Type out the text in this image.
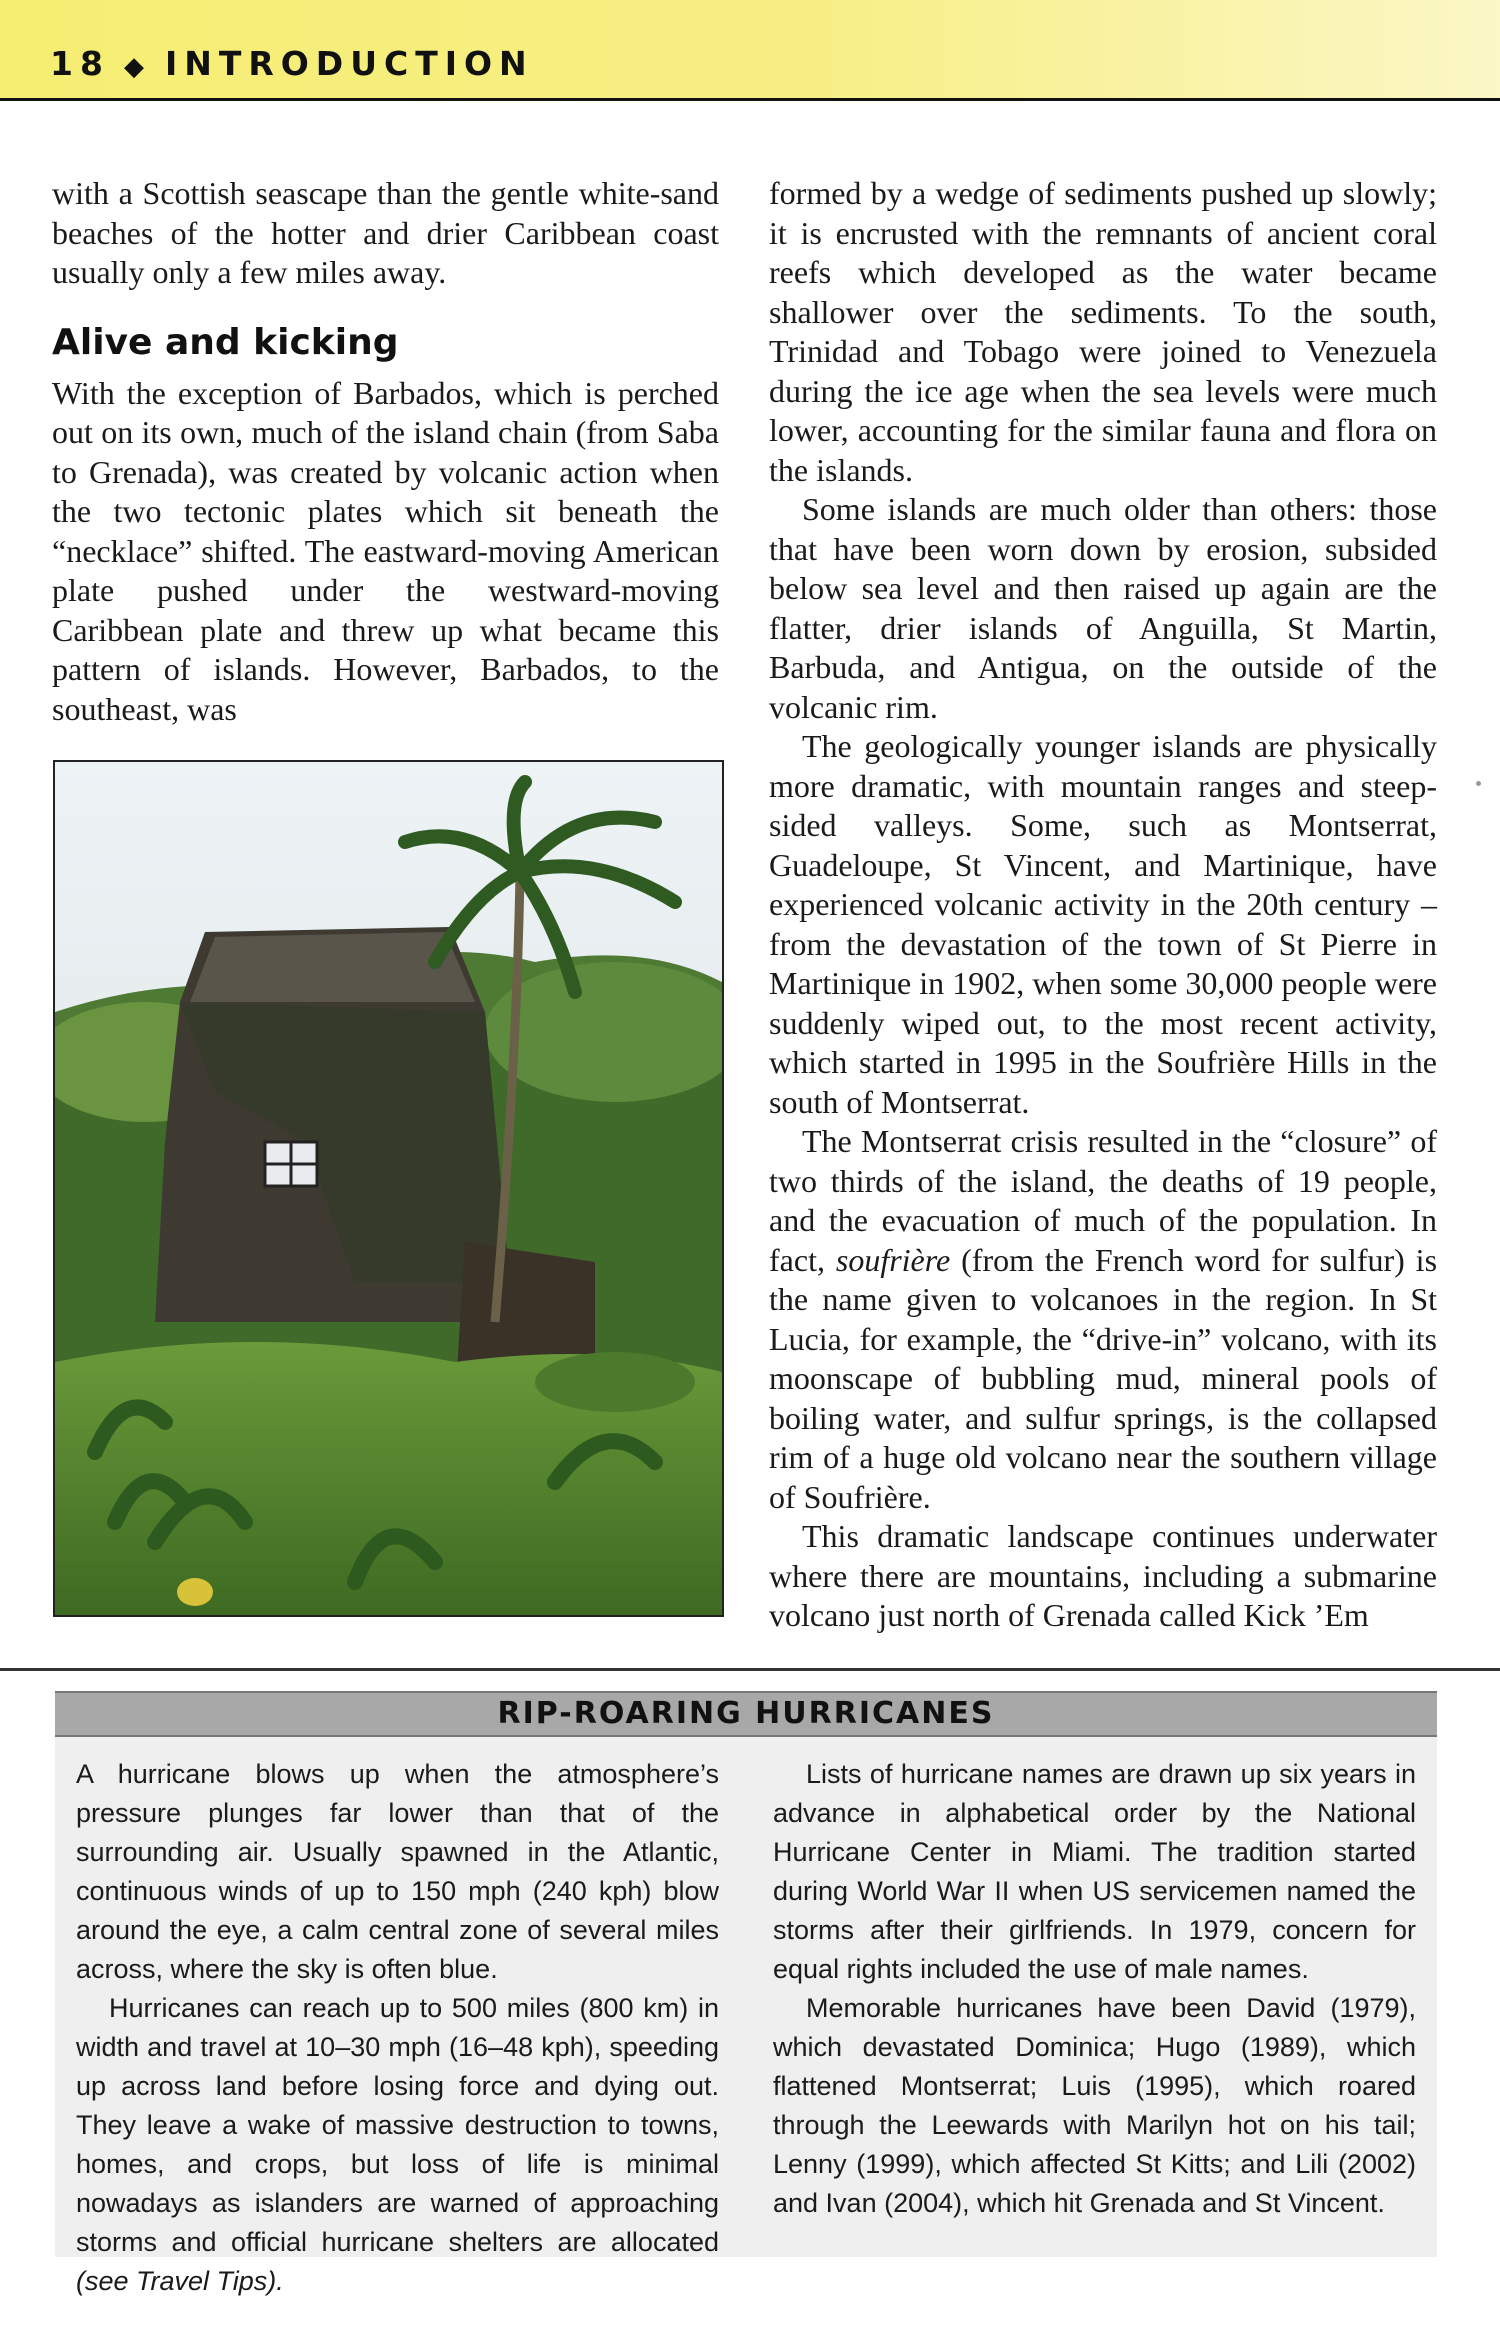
18 ◆ INTRODUCTION

with a Scottish seascape than the gentle white-sand beaches of the hotter and drier Caribbean coast usually only a few miles away.

Alive and kicking

With the exception of Barbados, which is perched out on its own, much of the island chain (from Saba to Grenada), was created by volcanic action when the two tectonic plates which sit beneath the “necklace” shifted. The eastward-moving American plate pushed under the westward-moving Caribbean plate and threw up what became this pattern of islands. However, Barbados, to the southeast, was

formed by a wedge of sediments pushed up slowly; it is encrusted with the remnants of ancient coral reefs which developed as the water became shallower over the sediments. To the south, Trinidad and Tobago were joined to Venezuela during the ice age when the sea levels were much lower, accounting for the similar fauna and flora on the islands.

Some islands are much older than others: those that have been worn down by erosion, subsided below sea level and then raised up again are the flatter, drier islands of Anguilla, St Martin, Barbuda, and Antigua, on the outside of the volcanic rim.

The geologically younger islands are physically more dramatic, with mountain ranges and steep-sided valleys. Some, such as Montserrat, Guadeloupe, St Vincent, and Martinique, have experienced volcanic activity in the 20th century – from the devastation of the town of St Pierre in Martinique in 1902, when some 30,000 people were suddenly wiped out, to the most recent activity, which started in 1995 in the Soufrière Hills in the south of Montserrat.

The Montserrat crisis resulted in the “closure” of two thirds of the island, the deaths of 19 people, and the evacuation of much of the population. In fact, soufrière (from the French word for sulfur) is the name given to volcanoes in the region. In St Lucia, for example, the “drive-in” volcano, with its moonscape of bubbling mud, mineral pools of boiling water, and sulfur springs, is the collapsed rim of a huge old volcano near the southern village of Soufrière.

This dramatic landscape continues underwater where there are mountains, including a submarine volcano just north of Grenada called Kick ’Em

RIP-ROARING HURRICANES

A hurricane blows up when the atmosphere’s pressure plunges far lower than that of the surrounding air. Usually spawned in the Atlantic, continuous winds of up to 150 mph (240 kph) blow around the eye, a calm central zone of several miles across, where the sky is often blue.

Hurricanes can reach up to 500 miles (800 km) in width and travel at 10–30 mph (16–48 kph), speeding up across land before losing force and dying out. They leave a wake of massive destruction to towns, homes, and crops, but loss of life is minimal nowadays as islanders are warned of approaching storms and official hurricane shelters are allocated (see Travel Tips).

Lists of hurricane names are drawn up six years in advance in alphabetical order by the National Hurricane Center in Miami. The tradition started during World War II when US servicemen named the storms after their girlfriends. In 1979, concern for equal rights included the use of male names.

Memorable hurricanes have been David (1979), which devastated Dominica; Hugo (1989), which flattened Montserrat; Luis (1995), which roared through the Leewards with Marilyn hot on his tail; Lenny (1999), which affected St Kitts; and Lili (2002) and Ivan (2004), which hit Grenada and St Vincent.
